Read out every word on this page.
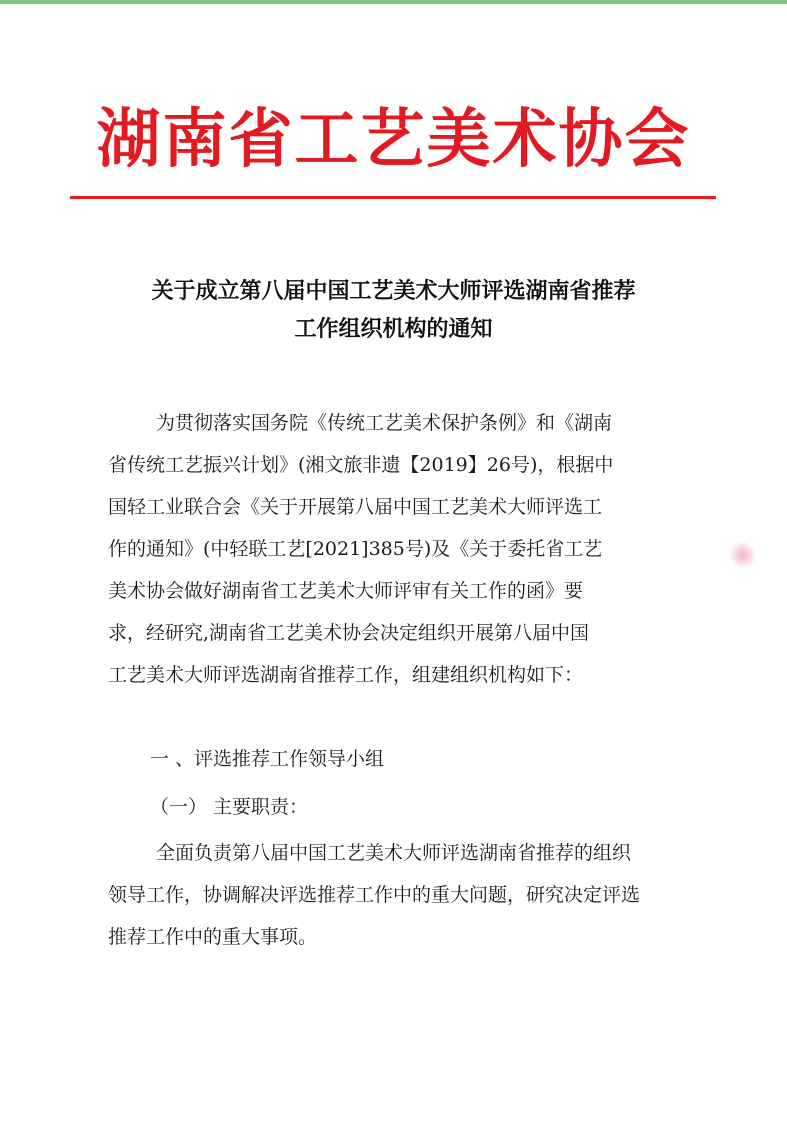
湖南省工艺美术协会
关于成立第八届中国工艺美术大师评选湖南省推荐
工作组织机构的通知
为贯彻落实国务院《传统工艺美术保护条例》和《湖南
省传统工艺振兴计划》(湘文旅非遗【2019】26号)，根据中
国轻工业联合会《关于开展第八届中国工艺美术大师评选工
作的通知》(中轻联工艺[2021]385号)及《关于委托省工艺
美术协会做好湖南省工艺美术大师评审有关工作的函》要
求，经研究,湖南省工艺美术协会决定组织开展第八届中国
工艺美术大师评选湖南省推荐工作，组建组织机构如下：
一 、评选推荐工作领导小组
（一） 主要职责：
全面负责第八届中国工艺美术大师评选湖南省推荐的组织
领导工作，协调解决评选推荐工作中的重大问题，研究决定评选
推荐工作中的重大事项。
